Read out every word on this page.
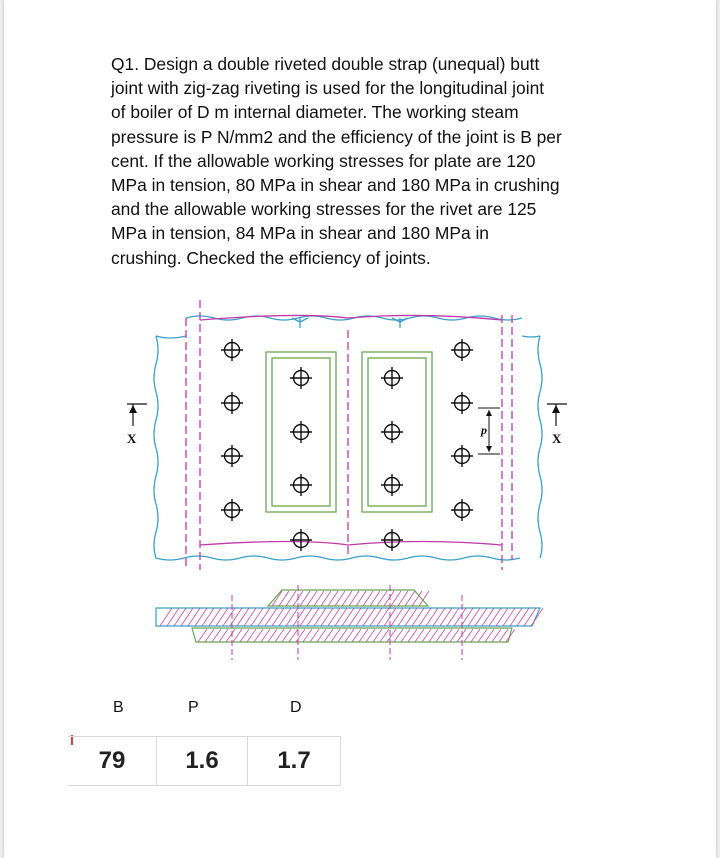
Q1. Design a double riveted double strap (unequal) butt
joint with zig-zag riveting is used for the longitudinal joint
of boiler of D m internal diameter. The working steam
pressure is P N/mm2 and the efficiency of the joint is B per
cent. If the allowable working stresses for plate are 120
MPa in tension, 80 MPa in shear and 180 MPa in crushing
and the allowable working stresses for the rivet are 125
MPa in tension, 84 MPa in shear and 180 MPa in
crushing. Checked the efficiency of joints.

X	X
p
B	P	D
79	1.6	1.7
